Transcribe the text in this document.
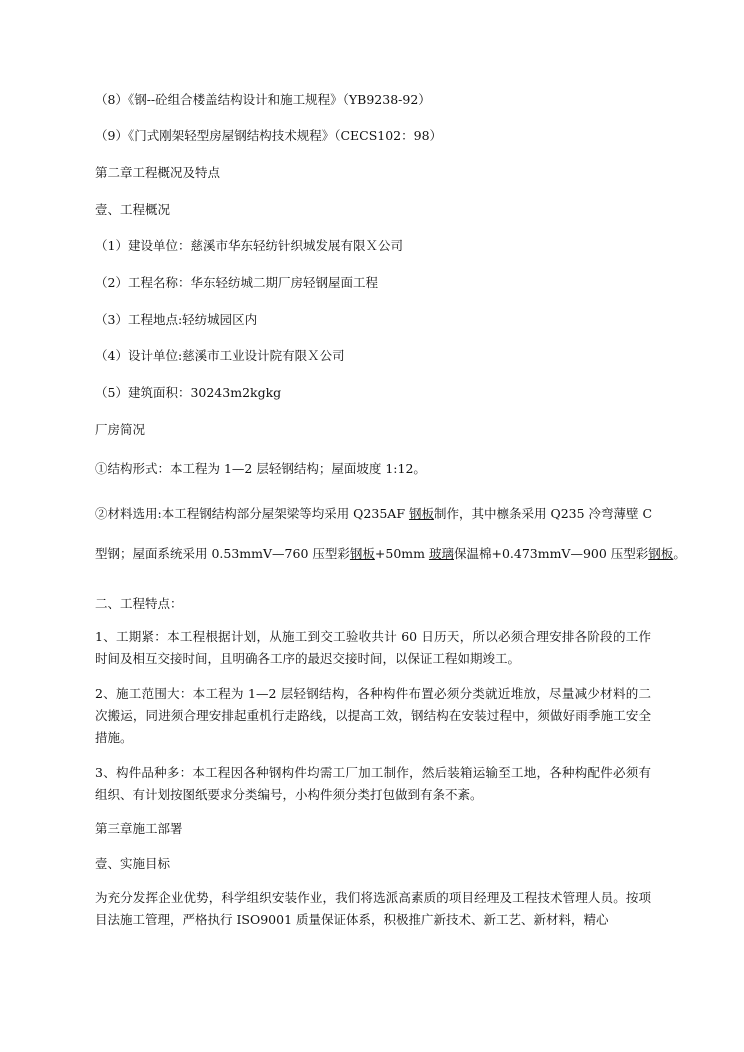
（8）《钢--砼组合楼盖结构设计和施工规程》（YB9238-92）
（9）《门式刚架轻型房屋钢结构技术规程》（CECS102：98）
第二章工程概况及特点
壹、工程概况
（1）建设单位：慈溪市华东轻纺针织城发展有限Ｘ公司
（2）工程名称：华东轻纺城二期厂房轻钢屋面工程
（3）工程地点:轻纺城园区内
（4）设计单位:慈溪市工业设计院有限Ｘ公司
（5）建筑面积：30243m2kgkg
厂房简况
①结构形式：本工程为 1—2 层轻钢结构；屋面坡度 1:12。
②材料选用:本工程钢结构部分屋架梁等均采用 Q235AF 钢板制作，其中檩条采用 Q235 冷弯薄壁 C
型钢；屋面系统采用 0.53mmV—760 压型彩钢板+50mm 玻璃保温棉+0.473mmV—900 压型彩钢板。
二、工程特点：
1、工期紧：本工程根据计划，从施工到交工验收共计 60 日历天，所以必须合理安排各阶段的工作时间及相互交接时间，且明确各工序的最迟交接时间，以保证工程如期竣工。
2、施工范围大：本工程为 1—2 层轻钢结构，各种构件布置必须分类就近堆放，尽量减少材料的二次搬运，同进须合理安排起重机行走路线，以提高工效，钢结构在安装过程中，须做好雨季施工安全措施。
3、构件品种多：本工程因各种钢构件均需工厂加工制作，然后装箱运输至工地，各种构配件必须有组织、有计划按图纸要求分类编号，小构件须分类打包做到有条不紊。
第三章施工部署
壹、实施目标
为充分发挥企业优势，科学组织安装作业，我们将选派高素质的项目经理及工程技术管理人员。按项目法施工管理，严格执行 ISO9001 质量保证体系，积极推广新技术、新工艺、新材料，精心
